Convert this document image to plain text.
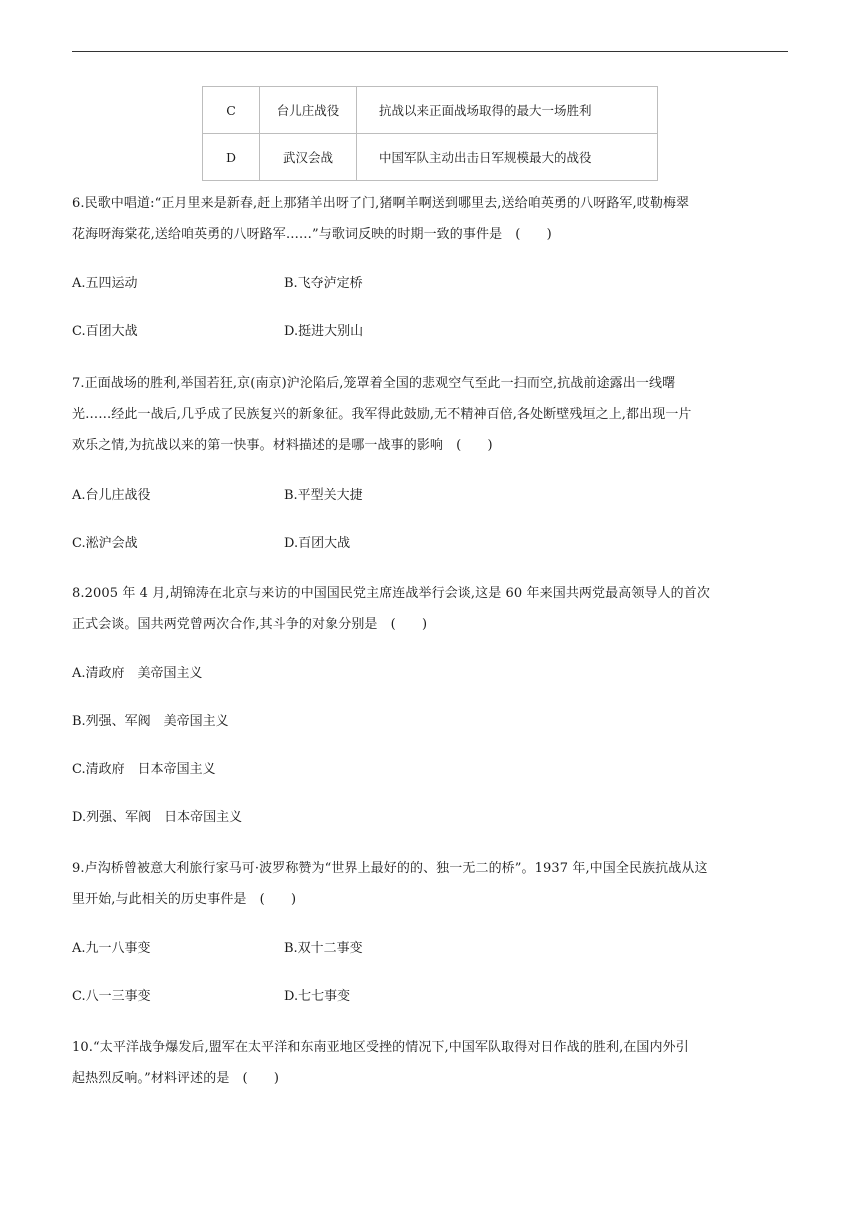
C	台儿庄战役	抗战以来正面战场取得的最大一场胜利
D	武汉会战	中国军队主动出击日军规模最大的战役
6.民歌中唱道:“正月里来是新春,赶上那猪羊出呀了门,猪啊羊啊送到哪里去,送给咱英勇的八呀路军,哎勒梅翠
花海呀海棠花,送给咱英勇的八呀路军……”与歌词反映的时期一致的事件是　(　　)
A.五四运动	B.飞夺泸定桥
C.百团大战	D.挺进大别山
7.正面战场的胜利,举国若狂,京(南京)沪沦陷后,笼罩着全国的悲观空气至此一扫而空,抗战前途露出一线曙
光……经此一战后,几乎成了民族复兴的新象征。我军得此鼓励,无不精神百倍,各处断壁残垣之上,都出现一片
欢乐之情,为抗战以来的第一快事。材料描述的是哪一战事的影响　(　　)
A.台儿庄战役	B.平型关大捷
C.淞沪会战	D.百团大战
8.2005 年 4 月,胡锦涛在北京与来访的中国国民党主席连战举行会谈,这是 60 年来国共两党最高领导人的首次
正式会谈。国共两党曾两次合作,其斗争的对象分别是　(　　)
A.清政府　美帝国主义
B.列强、军阀　美帝国主义
C.清政府　日本帝国主义
D.列强、军阀　日本帝国主义
9.卢沟桥曾被意大利旅行家马可·波罗称赞为“世界上最好的的、独一无二的桥”。1937 年,中国全民族抗战从这
里开始,与此相关的历史事件是　(　　)
A.九一八事变	B.双十二事变
C.八一三事变	D.七七事变
10.“太平洋战争爆发后,盟军在太平洋和东南亚地区受挫的情况下,中国军队取得对日作战的胜利,在国内外引
起热烈反响。”材料评述的是　(　　)
